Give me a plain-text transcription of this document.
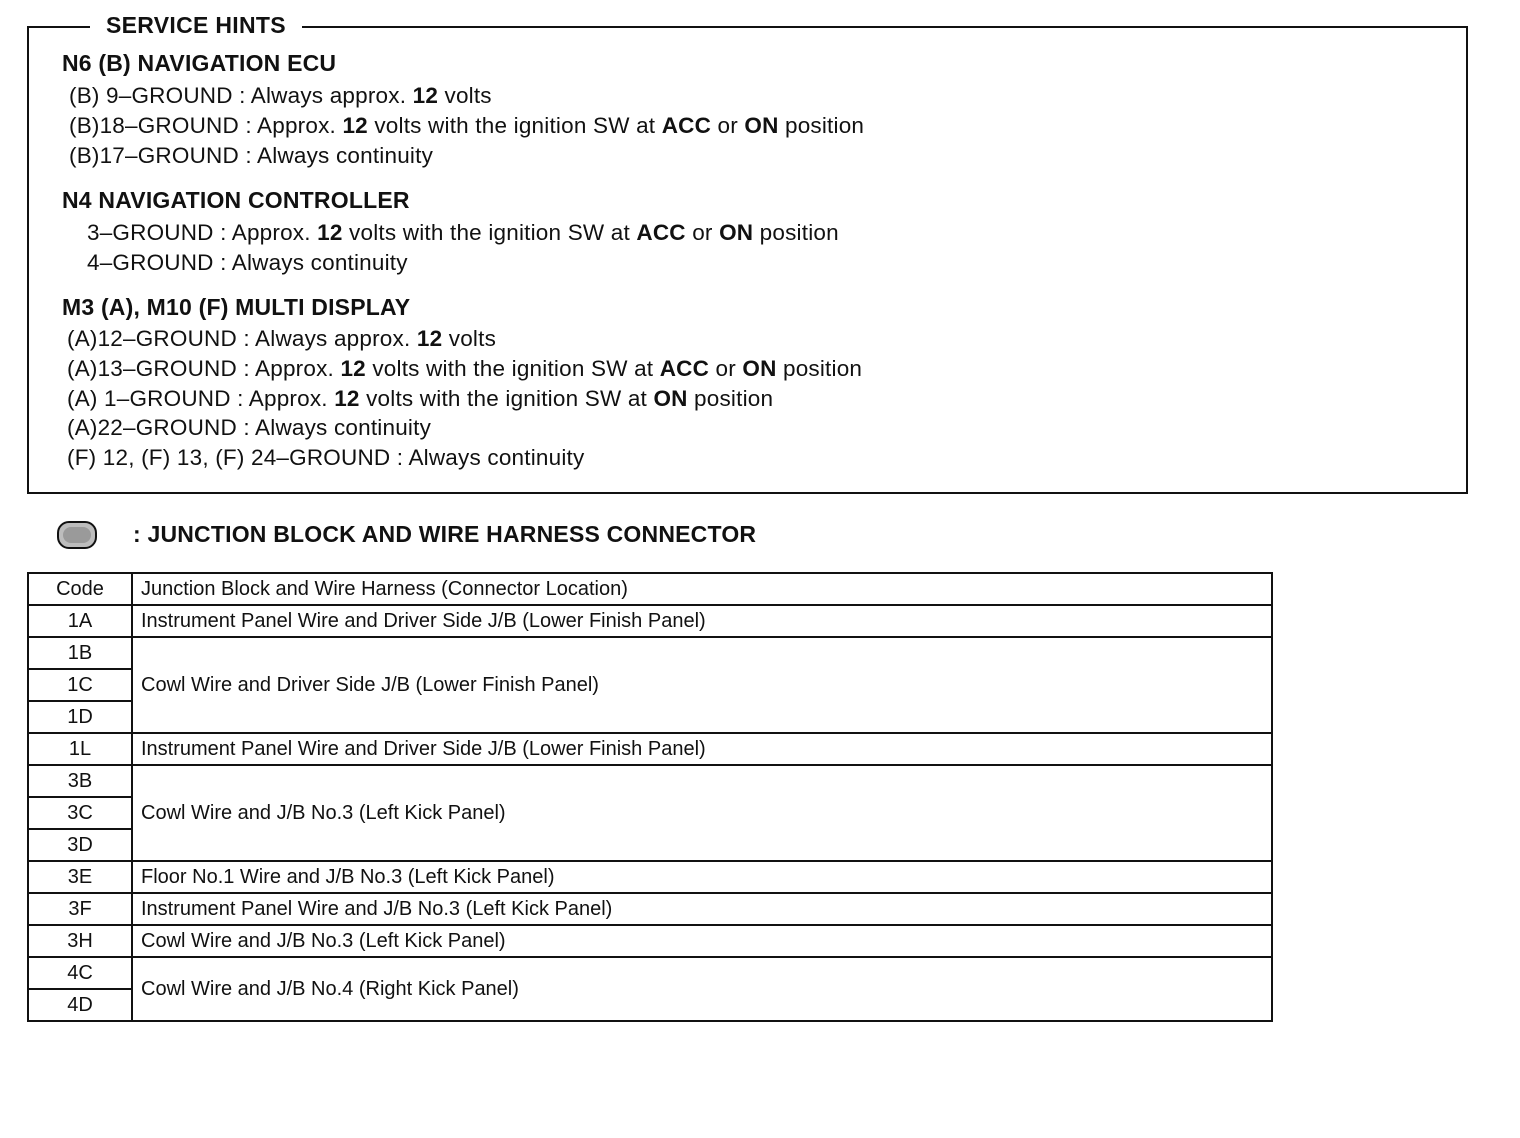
SERVICE HINTS
N6 (B) NAVIGATION ECU
(B) 9–GROUND : Always approx. 12 volts
(B)18–GROUND : Approx. 12 volts with the ignition SW at ACC or ON position
(B)17–GROUND : Always continuity
N4 NAVIGATION CONTROLLER
3–GROUND : Approx. 12 volts with the ignition SW at ACC or ON position
4–GROUND : Always continuity
M3 (A), M10 (F) MULTI DISPLAY
(A)12–GROUND : Always approx. 12 volts
(A)13–GROUND : Approx. 12 volts with the ignition SW at ACC or ON position
(A) 1–GROUND : Approx. 12 volts with the ignition SW at ON position
(A)22–GROUND : Always continuity
(F) 12, (F) 13, (F) 24–GROUND : Always continuity
: JUNCTION BLOCK AND WIRE HARNESS CONNECTOR
Code	Junction Block and Wire Harness (Connector Location)
1A	Instrument Panel Wire and Driver Side J/B (Lower Finish Panel)
1B	Cowl Wire and Driver Side J/B (Lower Finish Panel)
1C	
1D	
1L	Instrument Panel Wire and Driver Side J/B (Lower Finish Panel)
3B	Cowl Wire and J/B No.3 (Left Kick Panel)
3C	
3D	
3E	Floor No.1 Wire and J/B No.3 (Left Kick Panel)
3F	Instrument Panel Wire and J/B No.3 (Left Kick Panel)
3H	Cowl Wire and J/B No.3 (Left Kick Panel)
4C	Cowl Wire and J/B No.4 (Right Kick Panel)
4D	
